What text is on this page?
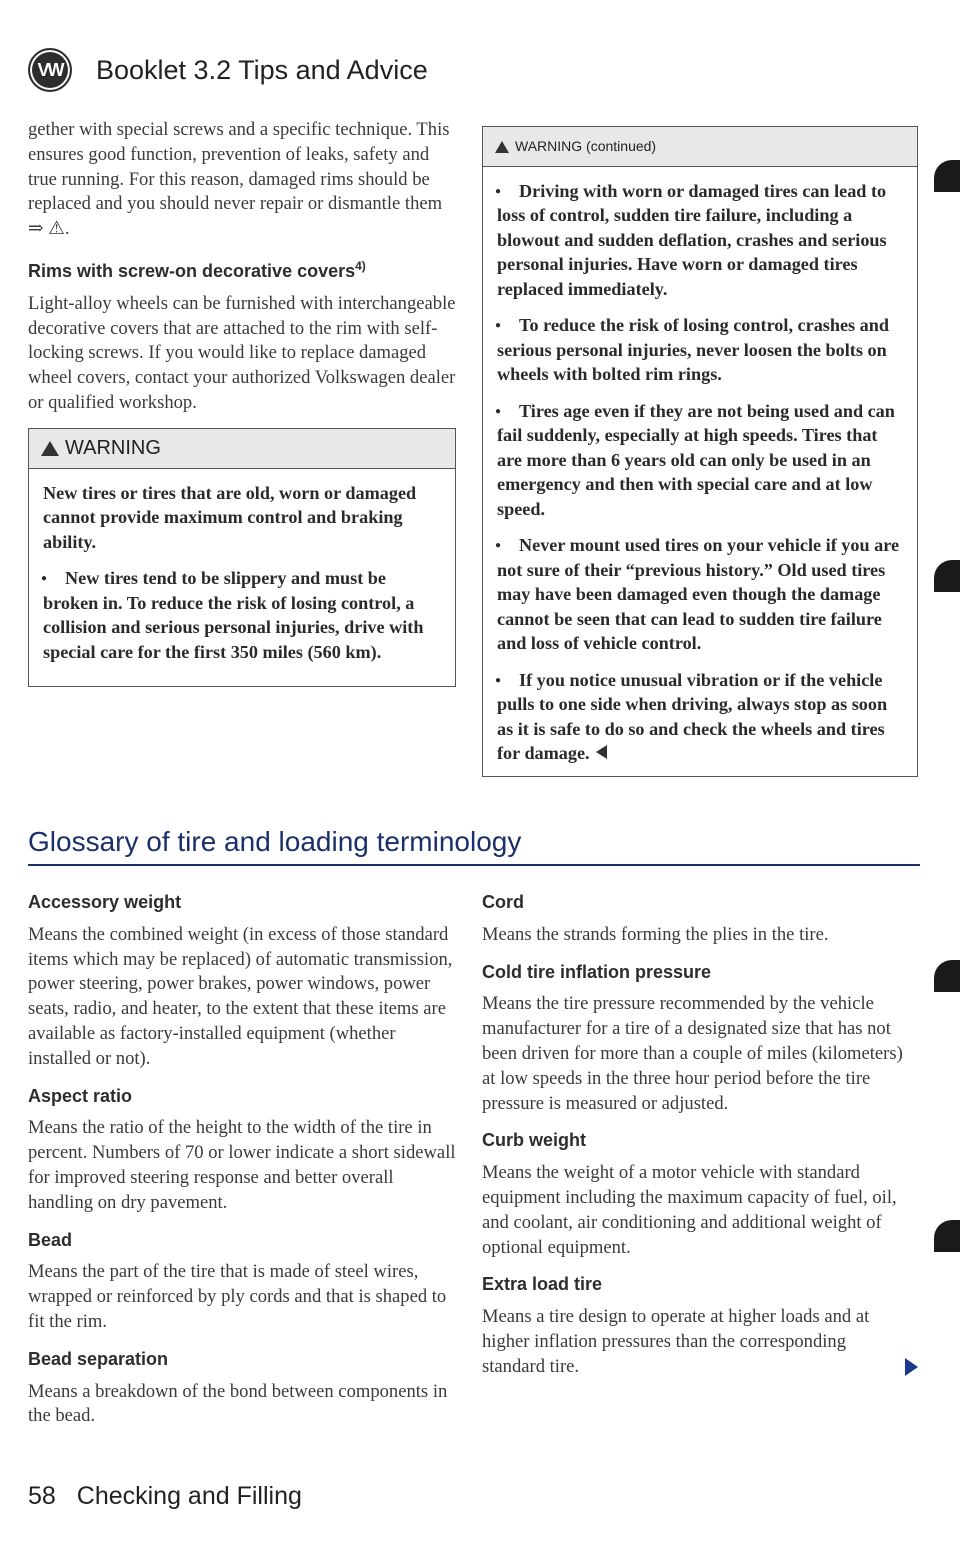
VW	Booklet 3.2 Tips and Advice

gether with special screws and a specific technique. This ensures good function, prevention of leaks, safety and true running. For this reason, damaged rims should be replaced and you should never repair or dismantle them ⇒ ⚠.

Rims with screw-on decorative covers$^{4)}$

Light-alloy wheels can be furnished with interchangeable decorative covers that are attached to the rim with self-locking screws. If you would like to replace damaged wheel covers, contact your authorized Volkswagen dealer or qualified workshop.

WARNING

New tires or tires that are old, worn or damaged cannot provide maximum control and braking ability.

● New tires tend to be slippery and must be broken in. To reduce the risk of losing control, a collision and serious personal injuries, drive with special care for the first 350 miles (560 km).

WARNING (continued)

● Driving with worn or damaged tires can lead to loss of control, sudden tire failure, including a blowout and sudden deflation, crashes and serious personal injuries. Have worn or damaged tires replaced immediately.

● To reduce the risk of losing control, crashes and serious personal injuries, never loosen the bolts on wheels with bolted rim rings.

● Tires age even if they are not being used and can fail suddenly, especially at high speeds. Tires that are more than 6 years old can only be used in an emergency and then with special care and at low speed.

● Never mount used tires on your vehicle if you are not sure of their “previous history.” Old used tires may have been damaged even though the damage cannot be seen that can lead to sudden tire failure and loss of vehicle control.

● If you notice unusual vibration or if the vehicle pulls to one side when driving, always stop as soon as it is safe to do so and check the wheels and tires for damage.

Glossary of tire and loading terminology
Accessory weight

Means the combined weight (in excess of those standard items which may be replaced) of automatic transmission, power steering, power brakes, power windows, power seats, radio, and heater, to the extent that these items are available as factory-installed equipment (whether installed or not).

Aspect ratio

Means the ratio of the height to the width of the tire in percent. Numbers of 70 or lower indicate a short sidewall for improved steering response and better overall handling on dry pavement.

Bead

Means the part of the tire that is made of steel wires, wrapped or reinforced by ply cords and that is shaped to fit the rim.

Bead separation

Means a breakdown of the bond between components in the bead.

Cord

Means the strands forming the plies in the tire.

Cold tire inflation pressure

Means the tire pressure recommended by the vehicle manufacturer for a tire of a designated size that has not been driven for more than a couple of miles (kilometers) at low speeds in the three hour period before the tire pressure is measured or adjusted.

Curb weight

Means the weight of a motor vehicle with standard equipment including the maximum capacity of fuel, oil, and coolant, air conditioning and additional weight of optional equipment.

Extra load tire

Means a tire design to operate at higher loads and at higher inflation pressures than the corresponding standard tire.

58 Checking and Filling
